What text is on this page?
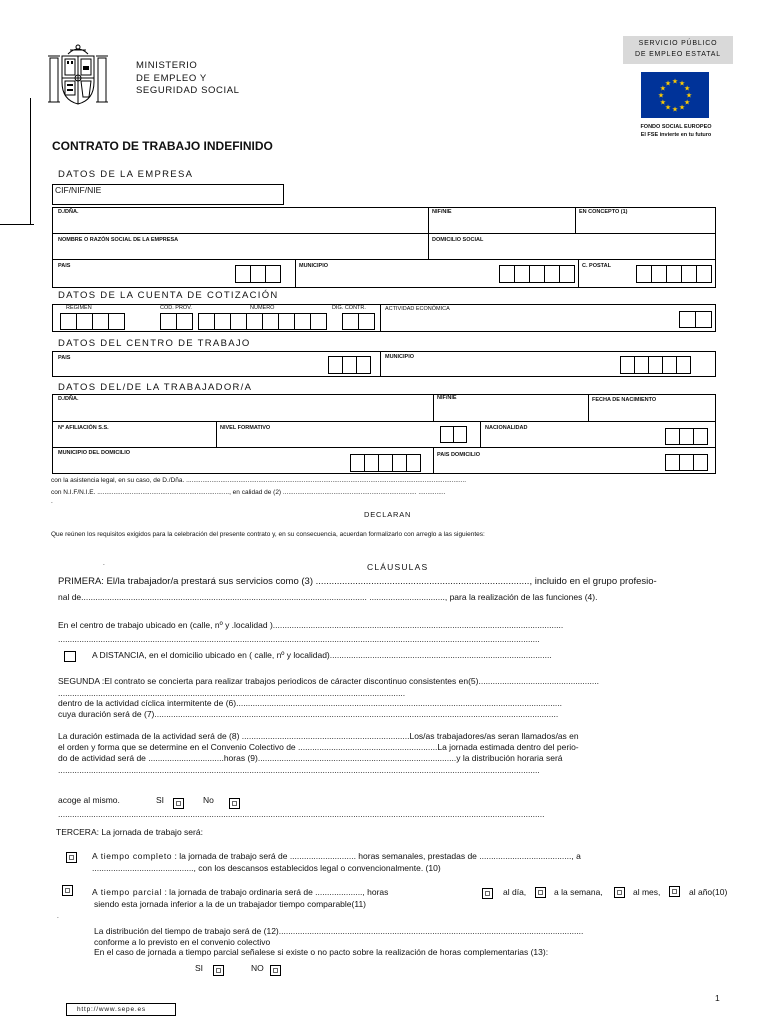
MINISTERIO
DE EMPLEO Y
SEGURIDAD SOCIAL
SERVICIO PÚBLICO
DE EMPLEO ESTATAL
★
★
★
★
★
★
★
★
★ ★ ★
★
FONDO SOCIAL EUROPEO
El FSE invierte en tu futuro
CONTRATO DE TRABAJO INDEFINIDO
DATOS DE LA EMPRESA
CIF/NIF/NIE
D./DÑA.	NIF/NIE	EN CONCEPTO (1)
NOMBRE O RAZÓN SOCIAL DE LA EMPRESA	DOMICILIO SOCIAL
PAIS	MUNICIPIO	C. POSTAL
DATOS DE LA CUENTA DE COTIZACIÓN
REGIMEN	COD. PROV.	NÚMERO	DIG. CONTR.	ACTIVIDAD ECONÓMICA
DATOS DEL CENTRO DE TRABAJO
PAIS	MUNICIPIO
DATOS DEL/DE LA TRABAJADOR/A
D./DÑA.	NIF/NIE	FECHA DE NACIMIENTO
Nº AFILIACIÓN S.S.	NIVEL FORMATIVO	NACIONALIDAD
MUNICIPIO DEL DOMICILIO	PAIS DOMICILIO
con la asistencia legal, en su caso, de D./Dña. ...........................................................................................................................................................
con N.I.F/N.I.E. ........................................................................., en calidad de (2) .......................................................................... ...............
.
DECLARAN
Que reúnen los requisitos exigidos para la celebración del presente contrato y, en su consecuencia, acuerdan formalizarlo con arreglo a las siguientes:
.	CLÁUSULAS
PRIMERA: El/la trabajador/a prestará sus servicios como (3) ................................................................................., incluido en el grupo profesio-
nal de......................................................................................................................... ................................, para la realización de las funciones (4).
En el centro de trabajo ubicado en (calle, nº y .localidad )...........................................................................................................................
............................................................................................................................................................................................................
A DISTANCIA, en el domicilio ubicado en ( calle, nº y localidad)..............................................................................................
SEGUNDA :El contrato se concierta para realizar trabajos periodicos de cáracter discontinuo consistentes en(5)...................................................
...................................................................................................................................................
dentro de la actividad cíclica intermitente de (6)..........................................................................................................................................
cuya duración será de (7)...........................................................................................................................................................................
La duración estimada de la actividad será de (8) .......................................................................Los/as trabajadores/as seran llamados/as en
el orden y forma que se determine en el Convenio Colectivo de ...........................................................La jornada estimada dentro del perio-
do de actividad será de ................................horas (9)....................................................................................y la distribución horaria será
............................................................................................................................................................................................................
acoge al mismo.	SI	No
..............................................................................................................................................................................................................
TERCERA: La jornada de trabajo será:
A tiempo completo : la jornada de trabajo será de ............................ horas semanales, prestadas de ......................................., a
..........................................., con los descansos establecidos legal o convencionalmente. (10)
A tiempo parcial : la jornada de trabajo ordinaria será de ...................., horas	al día,	a la semana,	al mes,	al año(10)
siendo esta jornada inferior a la de un trabajador tiempo comparable(11)
.
La distribución del tiempo de trabajo será de (12).................................................................................................................................
conforme a lo previsto en el convenio colectivo
En el caso de jornada a tiempo parcial señalese si existe o no pacto sobre la realización de horas complementarias (13):
SI	NO
http://www.sepe.es
1
